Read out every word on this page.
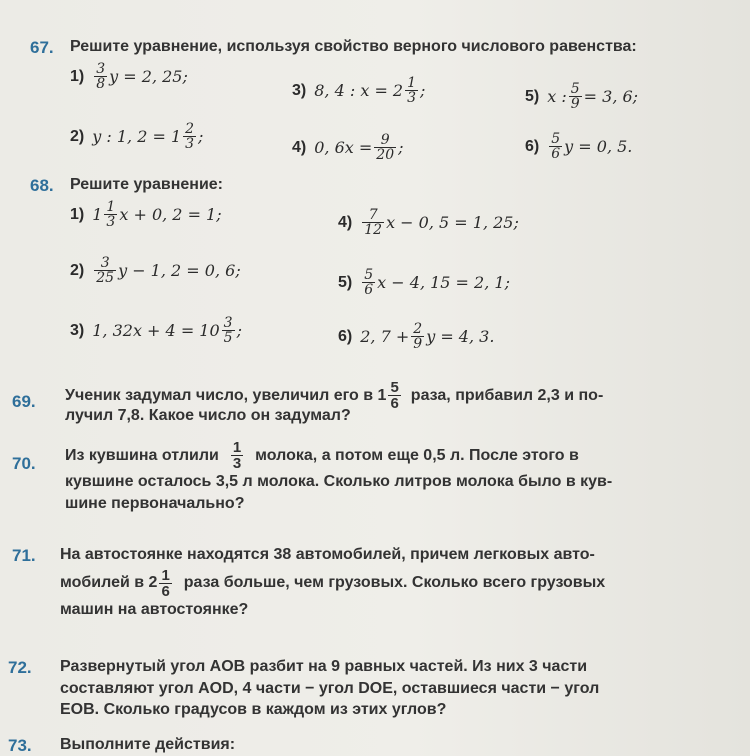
67. Решите уравнение, используя свойство верного числового равенства:
$1) \frac{3}{8}$ y = 2, 25;
2) y : 1, $2 = 1 \frac{2}{3}$ ;
3) 8, 4 : $x = 2 \frac{1}{3}$ ;
4) 0, $6x = \frac{9}{20}$ ;
5) x : $\frac{5}{9} = 3$, 6;
$6) \frac{5}{6}$ y = 0, 5.
68. Решите уравнение:
1) $1 \frac{1}{3}$ x + 0, 2 = 1;
$2) \frac{3}{25}$ y − 1, 2 = 0, 6;
3) 1, $32x + 4 = 10 \frac{3}{5}$ ;
$4) \frac{7}{12}$ x − 0, 5 = 1, 25;
$5) \frac{5}{6}$ x − 4, 15 = 2, 1;
6) 2, $7 + \frac{2}{9}$ y = 4, 3.
69. Ученик задумал число, увеличил его в $1 \frac{5}{6}$ раза, прибавил 2,3 и по-
лучил 7,8. Какое число он задумал?
70. Из кувшина отлили $\frac{1}{3}$ молока, а потом еще 0,5 л. После этого в
кувшине осталось 3,5 л молока. Сколько литров молока было в кув-
шине первоначально?
71. На автостоянке находятся 38 автомобилей, причем легковых авто-
мобилей в $2 \frac{1}{6}$ раза больше, чем грузовых. Сколько всего грузовых
машин на автостоянке?
72. Развернутый угол AOB разбит на 9 равных частей. Из них 3 части
составляют угол AOD, 4 части − угол DOE, оставшиеся части − угол
EOB. Сколько градусов в каждом из этих углов?
73. Выполните действия:
